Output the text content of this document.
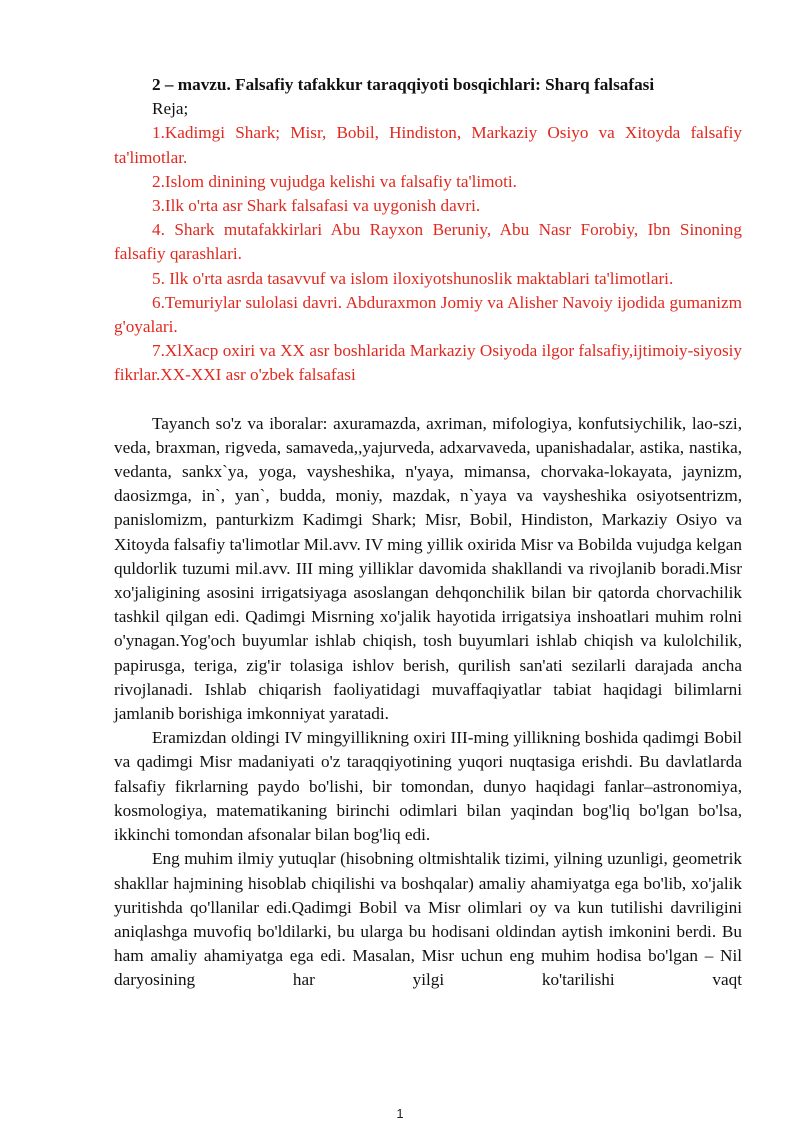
2 – mavzu. Falsafiy tafakkur taraqqiyoti bosqichlari: Sharq falsafasi

Reja;

1.Kadimgi Shark; Misr, Bobil, Hindiston, Markaziy Osiyo va Xitoyda falsafiy ta'limotlar.

2.Islom dinining vujudga kelishi va falsafiy ta'limoti.

3.Ilk o'rta asr Shark falsafasi va uygonish davri.

4. Shark mutafakkirlari Abu Rayxon Beruniy, Abu Nasr Forobiy, Ibn Sinoning falsafiy qarashlari.

5. Ilk o'rta asrda tasavvuf va islom iloxiyotshunoslik maktablari ta'limotlari.

6.Temuriylar sulolasi davri. Abduraxmon Jomiy va Alisher Navoiy ijodida gumanizm g'oyalari.

7.XlXacp oxiri va XX asr boshlarida Markaziy Osiyoda ilgor falsafiy,ijtimoiy-siyosiy fikrlar.XX-XXI asr o'zbek falsafasi

Tayanch so'z va iboralar: axuramazda, axriman, mifologiya, konfutsiychilik, lao-szi, veda, braxman, rigveda, samaveda,,yajurveda, adxarvaveda, upanishadalar, astika, nastika, vedanta, sankx`ya, yoga, vaysheshika, n'yaya, mimansa, chorvaka-lokayata, jaynizm, daosizmga, in`, yan`, budda, moniy, mazdak, n`yaya va vaysheshika osiyotsentrizm, panislomizm, panturkizm Kadimgi Shark; Misr, Bobil, Hindiston, Markaziy Osiyo va Xitoyda falsafiy ta'limotlar Mil.avv. IV ming yillik oxirida Misr va Bobilda vujudga kelgan quldorlik tuzumi mil.avv. III ming yilliklar davomida shakllandi va rivojlanib boradi.Misr xo'jaligining asosini irrigatsiyaga asoslangan dehqonchilik bilan bir qatorda chorvachilik tashkil qilgan edi. Qadimgi Misrning xo'jalik hayotida irrigatsiya inshoatlari muhim rolni o'ynagan.Yog'och buyumlar ishlab chiqish, tosh buyumlari ishlab chiqish va kulolchilik, papirusga, teriga, zig'ir tolasiga ishlov berish, qurilish san'ati sezilarli darajada ancha rivojlanadi. Ishlab chiqarish faoliyatidagi muvaffaqiyatlar tabiat haqidagi bilimlarni jamlanib borishiga imkonniyat yaratadi.

Eramizdan oldingi IV mingyillikning oxiri III-ming yillikning boshida qadimgi Bobil va qadimgi Misr madaniyati o'z taraqqiyotining yuqori nuqtasiga erishdi. Bu davlatlarda falsafiy fikrlarning paydo bo'lishi, bir tomondan, dunyo haqidagi fanlar–astronomiya, kosmologiya, matematikaning birinchi odimlari bilan yaqindan bog'liq bo'lgan bo'lsa, ikkinchi tomondan afsonalar bilan bog'liq edi.

Eng muhim ilmiy yutuqlar (hisobning oltmishtalik tizimi, yilning uzunligi, geometrik shakllar hajmining hisoblab chiqilishi va boshqalar) amaliy ahamiyatga ega bo'lib, xo'jalik yuritishda qo'llanilar edi.Qadimgi Bobil va Misr olimlari oy va kun tutilishi davriligini aniqlashga muvofiq bo'ldilarki, bu ularga bu hodisani oldindan aytish imkonini berdi. Bu ham amaliy ahamiyatga ega edi. Masalan, Misr uchun eng muhim hodisa bo'lgan – Nil daryosining har yilgi ko'tarilishi vaqt

1
